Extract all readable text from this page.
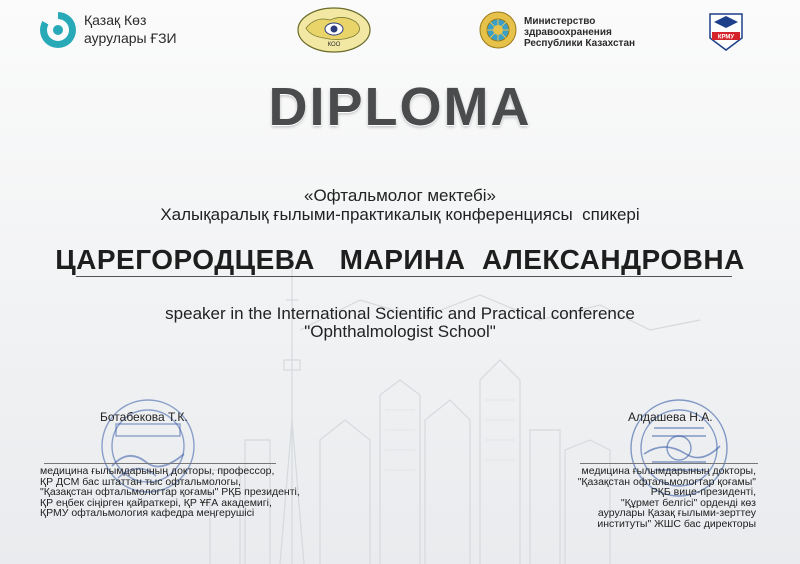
Қазақ Көз
аурулары ҒЗИ	КОО
Министерство
здравоохранения
Республики Казахстан
КРМУ
DIPLOMA
«Офтальмолог мектебі»
Халықаралық ғылыми-практикалық конференциясы  спикері
ЦАРЕГОРОДЦЕВА   МАРИНА  АЛЕКСАНДРОВНА
speaker in the International Scientific and Practical conference
"Ophthalmologist School"
Ботабекова Т.К.
медицина ғылымдарының докторы, профессор,
ҚР ДСМ бас штаттан тыс офтальмологы,
"Қазақстан офтальмологтар қоғамы" РҚБ президенті,
ҚР еңбек сіңірген қайраткері, ҚР ҰҒА академигі,
ҚРМУ офтальмология кафедра меңгерушісі
Алдашева Н.А.
медицина ғылымдарының докторы,
"Қазақстан офтальмологтар қоғамы"
РҚБ вице-президенті,
"Құрмет белгісі" орденді көз
аурулары Қазақ ғылыми-зерттеу
институты" ЖШС бас директоры
